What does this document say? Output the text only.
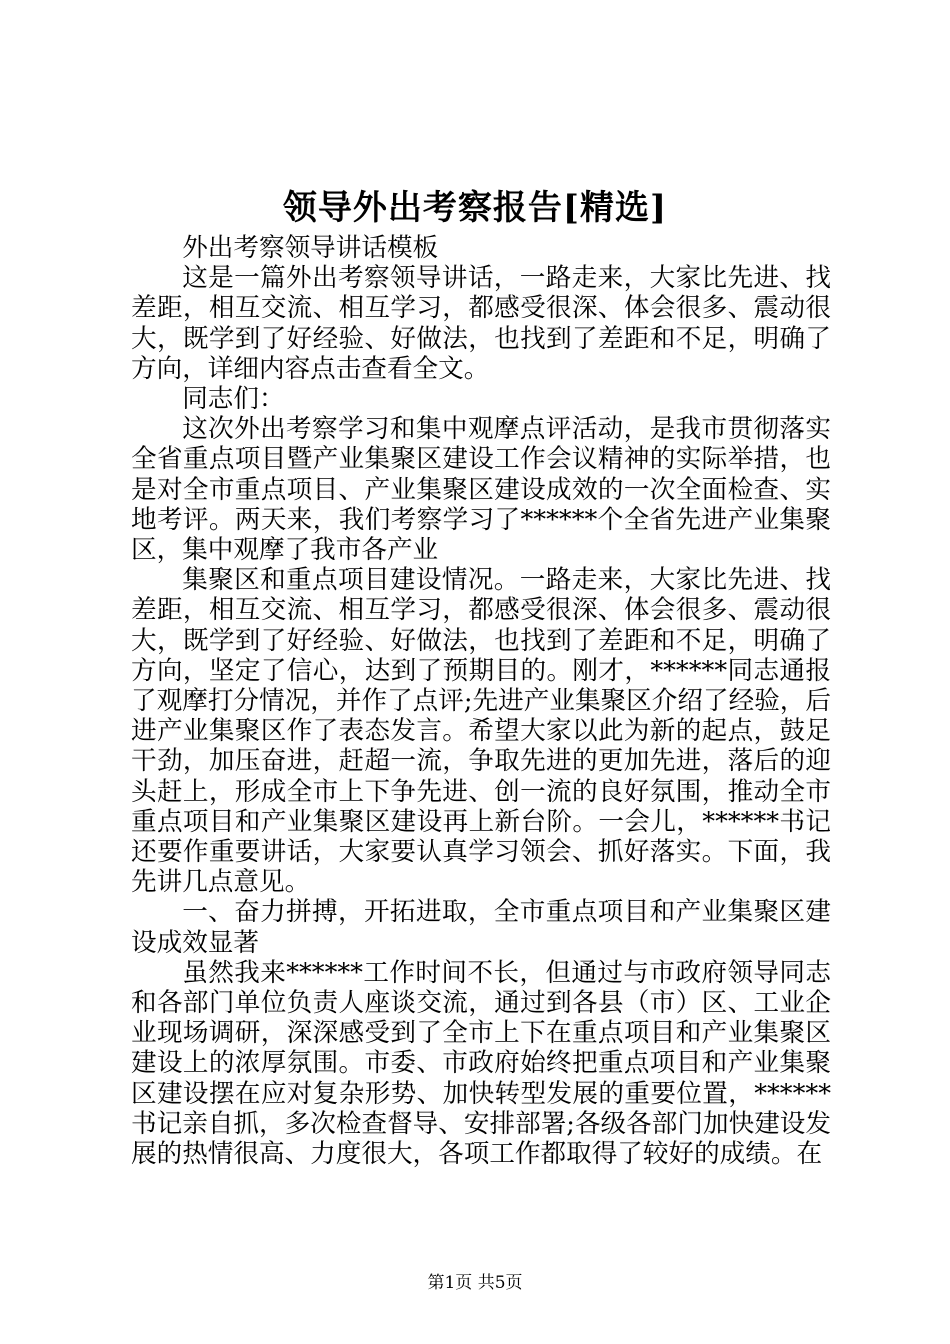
领导外出考察报告[精选]

外出考察领导讲话模板

这是一篇外出考察领导讲话，一路走来，大家比先进、找差距，相互交流、相互学习，都感受很深、体会很多、震动很大，既学到了好经验、好做法，也找到了差距和不足，明确了方向，详细内容点击查看全文。

同志们：

这次外出考察学习和集中观摩点评活动，是我市贯彻落实全省重点项目暨产业集聚区建设工作会议精神的实际举措，也是对全市重点项目、产业集聚区建设成效的一次全面检查、实地考评。两天来，我们考察学习了******个全省先进产业集聚区，集中观摩了我市各产业

集聚区和重点项目建设情况。一路走来，大家比先进、找差距，相互交流、相互学习，都感受很深、体会很多、震动很大，既学到了好经验、好做法，也找到了差距和不足，明确了方向，坚定了信心，达到了预期目的。刚才，******同志通报了观摩打分情况，并作了点评;先进产业集聚区介绍了经验，后进产业集聚区作了表态发言。希望大家以此为新的起点，鼓足干劲，加压奋进，赶超一流，争取先进的更加先进，落后的迎头赶上，形成全市上下争先进、创一流的良好氛围，推动全市重点项目和产业集聚区建设再上新台阶。一会儿，******书记还要作重要讲话，大家要认真学习领会、抓好落实。下面，我先讲几点意见。

一、奋力拼搏，开拓进取，全市重点项目和产业集聚区建设成效显著

虽然我来******工作时间不长，但通过与市政府领导同志和各部门单位负责人座谈交流，通过到各县（市）区、工业企业现场调研，深深感受到了全市上下在重点项目和产业集聚区建设上的浓厚氛围。市委、市政府始终把重点项目和产业集聚区建设摆在应对复杂形势、加快转型发展的重要位置，******书记亲自抓，多次检查督导、安排部署;各级各部门加快建设发展的热情很高、力度很大，各项工作都取得了较好的成绩。在

第1页 共5页
